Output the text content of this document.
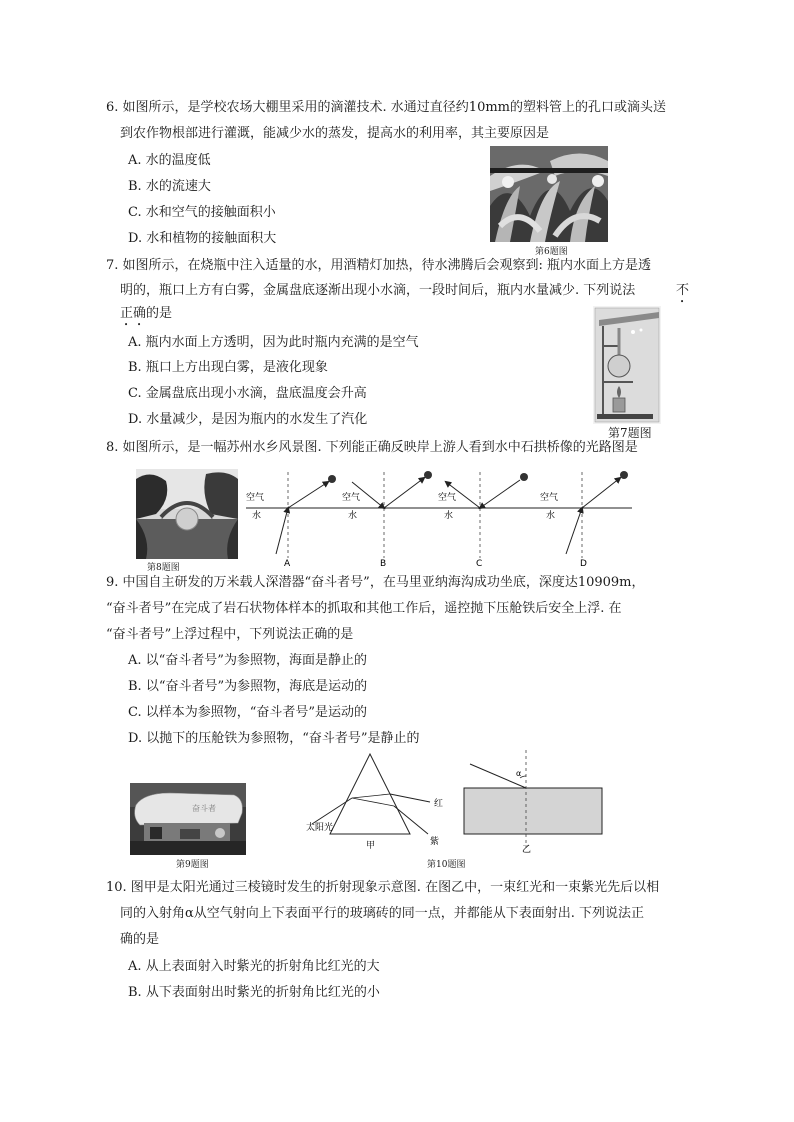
6. 如图所示，是学校农场大棚里采用的滴灌技术. 水通过直径约10mm的塑料管上的孔口或滴头送
到农作物根部进行灌溉，能减少水的蒸发，提高水的利用率，其主要原因是
A. 水的温度低
B. 水的流速大
C. 水和空气的接触面积小
D. 水和植物的接触面积大
第6题图
7. 如图所示，在烧瓶中注入适量的水，用酒精灯加热，待水沸腾后会观察到: 瓶内水面上方是透
明的，瓶口上方有白雾，金属盘底逐渐出现小水滴，一段时间后，瓶内水量减少. 下列说法	不
正确的是
A. 瓶内水面上方透明，因为此时瓶内充满的是空气
B. 瓶口上方出现白雾，是液化现象
C. 金属盘底出现小水滴，盘底温度会升高
D. 水量减少，是因为瓶内的水发生了汽化
第7题图
8. 如图所示，是一幅苏州水乡风景图. 下列能正确反映岸上游人看到水中石拱桥像的光路图是
第8题图
空气
水
A
空气
水
B
空气
水
C
空气
水
D
9. 中国自主研发的万米载人深潜器“奋斗者号”，在马里亚纳海沟成功坐底，深度达10909m，
“奋斗者号”在完成了岩石状物体样本的抓取和其他工作后，遥控抛下压舱铁后安全上浮. 在
“奋斗者号”上浮过程中，下列说法正确的是
A. 以“奋斗者号”为参照物，海面是静止的
B. 以“奋斗者号”为参照物，海底是运动的
C. 以样本为参照物，“奋斗者号”是运动的
D. 以抛下的压舱铁为参照物，“奋斗者号”是静止的
奋斗者
第9题图
太阳光
红
紫
甲
α
乙
第10题图
10. 图甲是太阳光通过三棱镜时发生的折射现象示意图. 在图乙中，一束红光和一束紫光先后以相
同的入射角α从空气射向上下表面平行的玻璃砖的同一点，并都能从下表面射出. 下列说法正
确的是
A. 从上表面射入时紫光的折射角比红光的大
B. 从下表面射出时紫光的折射角比红光的小
